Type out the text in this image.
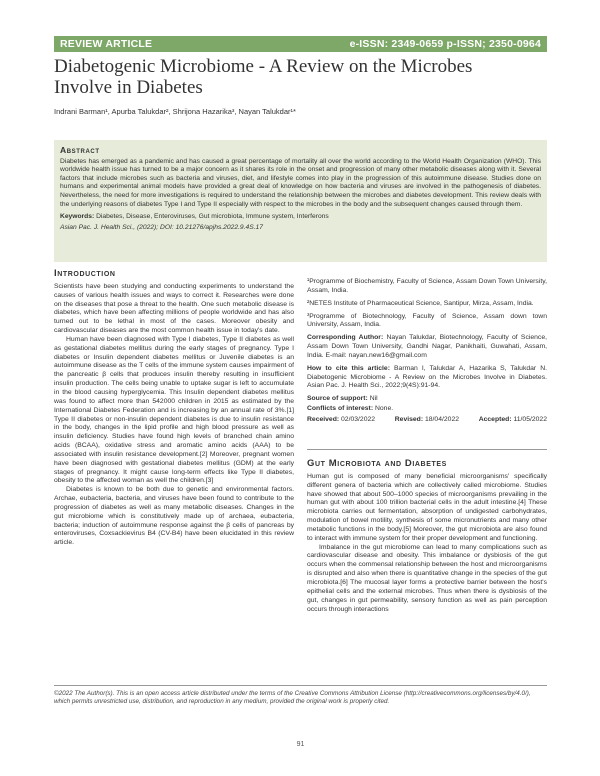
REVIEW ARTICLE	e-ISSN: 2349-0659 p-ISSN; 2350-0964
Diabetogenic Microbiome - A Review on the Microbes Involve in Diabetes
Indrani Barman¹, Apurba Talukdar², Shrijona Hazarika³, Nayan Talukdar¹*
Abstract

Diabetes has emerged as a pandemic and has caused a great percentage of mortality all over the world according to the World Health Organization (WHO). This worldwide health issue has turned to be a major concern as it shares its role in the onset and progression of many other metabolic diseases along with it. Several factors that include microbes such as bacteria and viruses, diet, and lifestyle comes into play in the progression of this autoimmune disease. Studies done on humans and experimental animal models have provided a great deal of knowledge on how bacteria and viruses are involved in the pathogenesis of diabetes. Nevertheless, the need for more investigations is required to understand the relationship between the microbes and diabetes development. This review deals with the underlying reasons of diabetes Type I and Type II especially with respect to the microbes in the body and the subsequent changes caused through them.

Keywords: Diabetes, Disease, Enteroviruses, Gut microbiota, Immune system, Interferons

Asian Pac. J. Health Sci., (2022); DOI: 10.21276/apjhs.2022.9.4S.17

Introduction

Scientists have been studying and conducting experiments to understand the causes of various health issues and ways to correct it. Researches were done on the diseases that pose a threat to the health. One such metabolic disease is diabetes, which have been affecting millions of people worldwide and has also turned out to be lethal in most of the cases. Moreover obesity and cardiovascular diseases are the most common health issue in today's date.

Human have been diagnosed with Type I diabetes, Type II diabetes as well as gestational diabetes mellitus during the early stages of pregnancy. Type I diabetes or Insulin dependent diabetes mellitus or Juvenile diabetes is an autoimmune disease as the T cells of the immune system causes impairment of the pancreatic β cells that produces insulin thereby resulting in insufficient insulin production. The cells being unable to uptake sugar is left to accumulate in the blood causing hyperglycemia. This Insulin dependent diabetes mellitus was found to affect more than 542000 children in 2015 as estimated by the International Diabetes Federation and is increasing by an annual rate of 3%.[1] Type II diabetes or non-insulin dependent diabetes is due to insulin resistance in the body, changes in the lipid profile and high blood pressure as well as insulin deficiency. Studies have found high levels of branched chain amino acids (BCAA), oxidative stress and aromatic amino acids (AAA) to be associated with insulin resistance development.[2] Moreover, pregnant women have been diagnosed with gestational diabetes mellitus (GDM) at the early stages of pregnancy. It might cause long-term effects like Type II diabetes, obesity to the affected woman as well the children.[3]

Diabetes is known to be both due to genetic and environmental factors. Archae, eubacteria, bacteria, and viruses have been found to contribute to the progression of diabetes as well as many metabolic diseases. Changes in the gut microbiome which is constitutively made up of archaea, eubacteria, bacteria; induction of autoimmune response against the β cells of pancreas by enteroviruses, Coxsackievirus B4 (CV-B4) have been elucidated in this review article.

¹Programme of Biochemistry, Faculty of Science, Assam Down Town University, Assam, India.

²NETES Institute of Pharmaceutical Science, Santipur, Mirza, Assam, India.

³Programme of Biotechnology, Faculty of Science, Assam down town University, Assam, India.

Corresponding Author: Nayan Talukdar, Biotechnology, Faculty of Science, Assam Down Town University, Gandhi Nagar, Panikhaiti, Guwahati, Assam, India. E-mail: nayan.new16@gmail.com

How to cite this article: Barman I, Talukdar A, Hazarika S, Talukdar N. Diabetogenic Microbiome - A Review on the Microbes Involve in Diabetes. Asian Pac. J. Health Sci., 2022;9(4S):91-94.

Source of support: Nil

Conflicts of interest: None.

Received: 02/03/2022	Revised: 18/04/2022	Accepted: 11/05/2022
Gut Microbiota and Diabetes

Human gut is composed of many beneficial microorganisms' specifically different genera of bacteria which are collectively called microbiome. Studies have showed that about 500–1000 species of microorganisms prevailing in the human gut with about 100 trillion bacterial cells in the adult intestine.[4] These microbiota carries out fermentation, absorption of undigested carbohydrates, modulation of bowel motility, synthesis of some micronutrients and many other metabolic functions in the body.[5] Moreover, the gut microbiota are also found to interact with immune system for their proper development and functioning.

Imbalance in the gut microbiome can lead to many complications such as cardiovascular disease and obesity. This imbalance or dysbiosis of the gut occurs when the commensal relationship between the host and microorganisms is disrupted and also when there is quantitative change in the species of the gut microbiota.[6] The mucosal layer forms a protective barrier between the host's epithelial cells and the external microbes. Thus when there is dysbiosis of the gut, changes in gut permeability, sensory function as well as pain perception occurs through interactions

©2022 The Author(s). This is an open access article distributed under the terms of the Creative Commons Attribution License (http://creativecommons.org/licenses/by/4.0/), which permits unrestricted use, distribution, and reproduction in any medium, provided the original work is properly cited.
91
